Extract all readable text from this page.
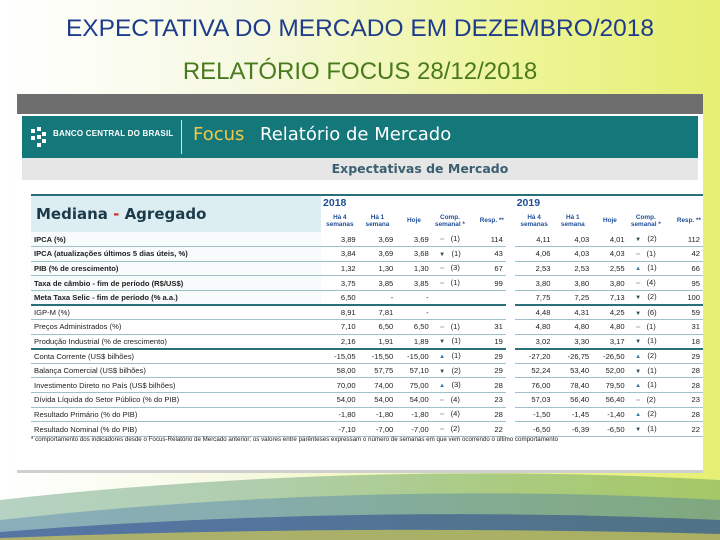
EXPECTATIVA DO MERCADO EM DEZEMBRO/2018
RELATÓRIO FOCUS 28/12/2018
BANCO CENTRAL DO BRASIL Focus Relatório de Mercado
Expectativas de Mercado
Mediana - Agregado	2018						2019				
	Há 4 semanas	Há 1 semana	Hoje	Comp. semanal *	Resp. **		Há 4 semanas	Há 1 semana	Hoje	Comp. semanal *	Resp. **
IPCA (%)	3,89	3,69	3,69	═ (1)	114		4,11	4,03	4,01	▼ (2)	112
IPCA (atualizações últimos 5 dias úteis, %)	3,84	3,69	3,68	▼ (1)	43		4,06	4,03	4,03	═ (1)	42
PIB (% de crescimento)	1,32	1,30	1,30	═ (3)	67		2,53	2,53	2,55	▲ (1)	66
Taxa de câmbio - fim de período (R$/US$)	3,75	3,85	3,85	═ (1)	99		3,80	3,80	3,80	═ (4)	95
Meta Taxa Selic - fim de período (% a.a.)	6,50	-	-				7,75	7,25	7,13	▼ (2)	100
IGP-M (%)	8,91	7,81	-				4,48	4,31	4,25	▼ (6)	59
Preços Administrados (%)	7,10	6,50	6,50	═ (1)	31		4,80	4,80	4,80	═ (1)	31
Produção Industrial (% de crescimento)	2,16	1,91	1,89	▼ (1)	19		3,02	3,30	3,17	▼ (1)	18
Conta Corrente (US$ bilhões)	-15,05	-15,50	-15,00	▲ (1)	29		-27,20	-26,75	-26,50	▲ (2)	29
Balança Comercial (US$ bilhões)	58,00	57,75	57,10	▼ (2)	29		52,24	53,40	52,00	▼ (1)	28
Investimento Direto no País (US$ bilhões)	70,00	74,00	75,00	▲ (3)	28		76,00	78,40	79,50	▲ (1)	28
Dívida Líquida do Setor Público (% do PIB)	54,00	54,00	54,00	═ (4)	23		57,03	56,40	56,40	═ (2)	23
Resultado Primário (% do PIB)	-1,80	-1,80	-1,80	═ (4)	28		-1,50	-1,45	-1,40	▲ (2)	28
Resultado Nominal (% do PIB)	-7,10	-7,00	-7,00	═ (2)	22		-6,50	-6,39	-6,50	▼ (1)	22
* comportamento dos indicadores desde o Focus-Relatório de Mercado anterior; os valores entre parênteses expressam o número de semanas em que vem ocorrendo o último comportamento
